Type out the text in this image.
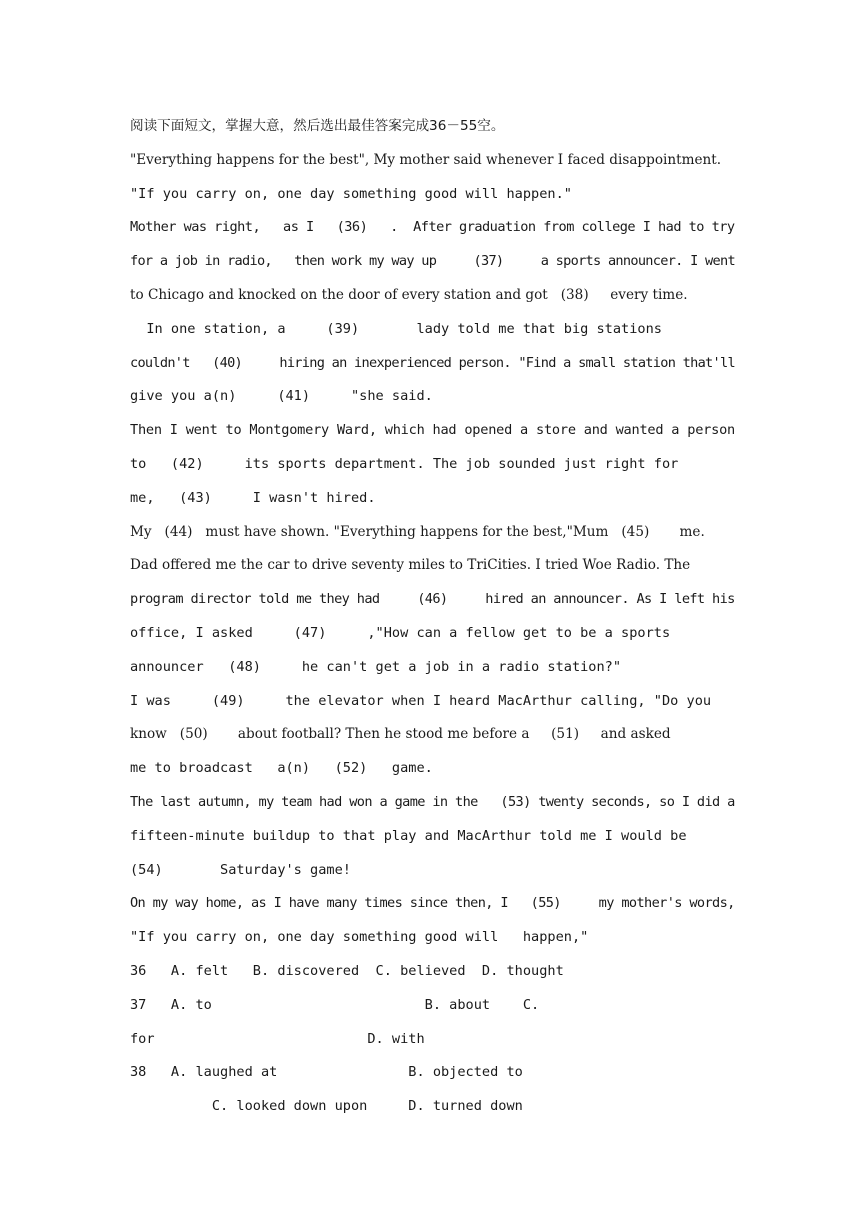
阅读下面短文，掌握大意，然后选出最佳答案完成36－55空。
"Everything happens for the best", My mother said whenever I faced disappointment.
"If you carry on, one day something good will happen."
Mother was right,   as I   (36)   .  After graduation from college I had to try
for a job in radio,   then work my way up     (37)     a sports announcer. I went
to Chicago and knocked on the door of every station and got   (38)     every time.
In one station, a     (39)       lady told me that big stations
couldn't   (40)     hiring an inexperienced person. "Find a small station that'll
give you a(n)     (41)     "she said.
Then I went to Montgomery Ward, which had opened a store and wanted a person
to   (42)     its sports department. The job sounded just right for
me,   (43)     I wasn't hired.
My   (44)   must have shown. "Everything happens for the best,"Mum   (45)       me.
Dad offered me the car to drive seventy miles to TriCities. I tried Woe Radio. The
program director told me they had     (46)     hired an announcer. As I left his
office, I asked     (47)     ,"How can a fellow get to be a sports
announcer   (48)     he can't get a job in a radio station?"
I was     (49)     the elevator when I heard MacArthur calling, "Do you
know   (50)       about football? Then he stood me before a     (51)     and asked
me to broadcast   a(n)   (52)   game.
The last autumn, my team had won a game in the   (53) twenty seconds, so I did a
fifteen-minute buildup to that play and MacArthur told me I would be
(54)       Saturday's game!
On my way home, as I have many times since then, I   (55)     my mother's words,
"If you carry on, one day something good will   happen,"
36   A. felt   B. discovered  C. believed  D. thought
37   A. to                          B. about    C.
for                          D. with
38   A. laughed at                B. objected to
C. looked down upon     D. turned down
